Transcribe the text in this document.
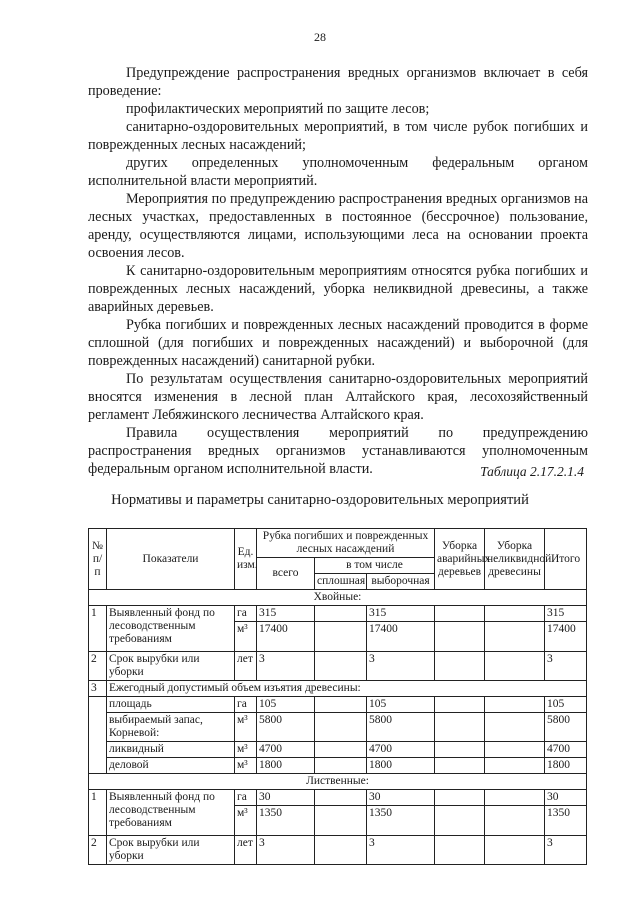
28

Предупреждение распространения вредных организмов включает в себя проведение:

профилактических мероприятий по защите лесов;

санитарно-оздоровительных мероприятий, в том числе рубок погибших и поврежденных лесных насаждений;

других определенных уполномоченным федеральным органом исполнительной власти мероприятий.

Мероприятия по предупреждению распространения вредных организмов на лесных участках, предоставленных в постоянное (бессрочное) пользование, аренду, осуществляются лицами, использующими леса на основании проекта освоения лесов.

К санитарно-оздоровительным мероприятиям относятся рубка погибших и поврежденных лесных насаждений, уборка неликвидной древесины, а также аварийных деревьев.

Рубка погибших и поврежденных лесных насаждений проводится в форме сплошной (для погибших и поврежденных насаждений) и выборочной (для поврежденных насаждений) санитарной рубки.

По результатам осуществления санитарно-оздоровительных мероприятий вносятся изменения в лесной план Алтайского края, лесохозяйственный регламент Лебяжинского лесничества Алтайского края.

Правила осуществления мероприятий по предупреждению распространения вредных организмов устанавливаются уполномоченным федеральным органом исполнительной власти.	Таблица 2.17.2.1.4
Нормативы и параметры санитарно-оздоровительных мероприятий
№ п/п	Показатели	Ед. изм.	Рубка погибших и поврежденных лесных насаждений			Уборка аварийных деревьев	Уборка неликвидной древесины	Итого
			всего	в том числе				
				сплошная	выборочная			
Хвойные:								
1	Выявленный фонд по лесоводственным требованиям	га	315		315			315
		м³	17400		17400			17400
2	Срок вырубки или уборки	лет	3		3			3
3	Ежегодный допустимый объем изъятия древесины:							
	площадь	га	105		105			105
	выбираемый запас, Корневой:	м³	5800		5800			5800
	ликвидный	м³	4700		4700			4700
	деловой	м³	1800		1800			1800
Лиственные:								
1	Выявленный фонд по лесоводственным требованиям	га	30		30			30
		м³	1350		1350			1350
2	Срок вырубки или уборки	лет	3		3			3
